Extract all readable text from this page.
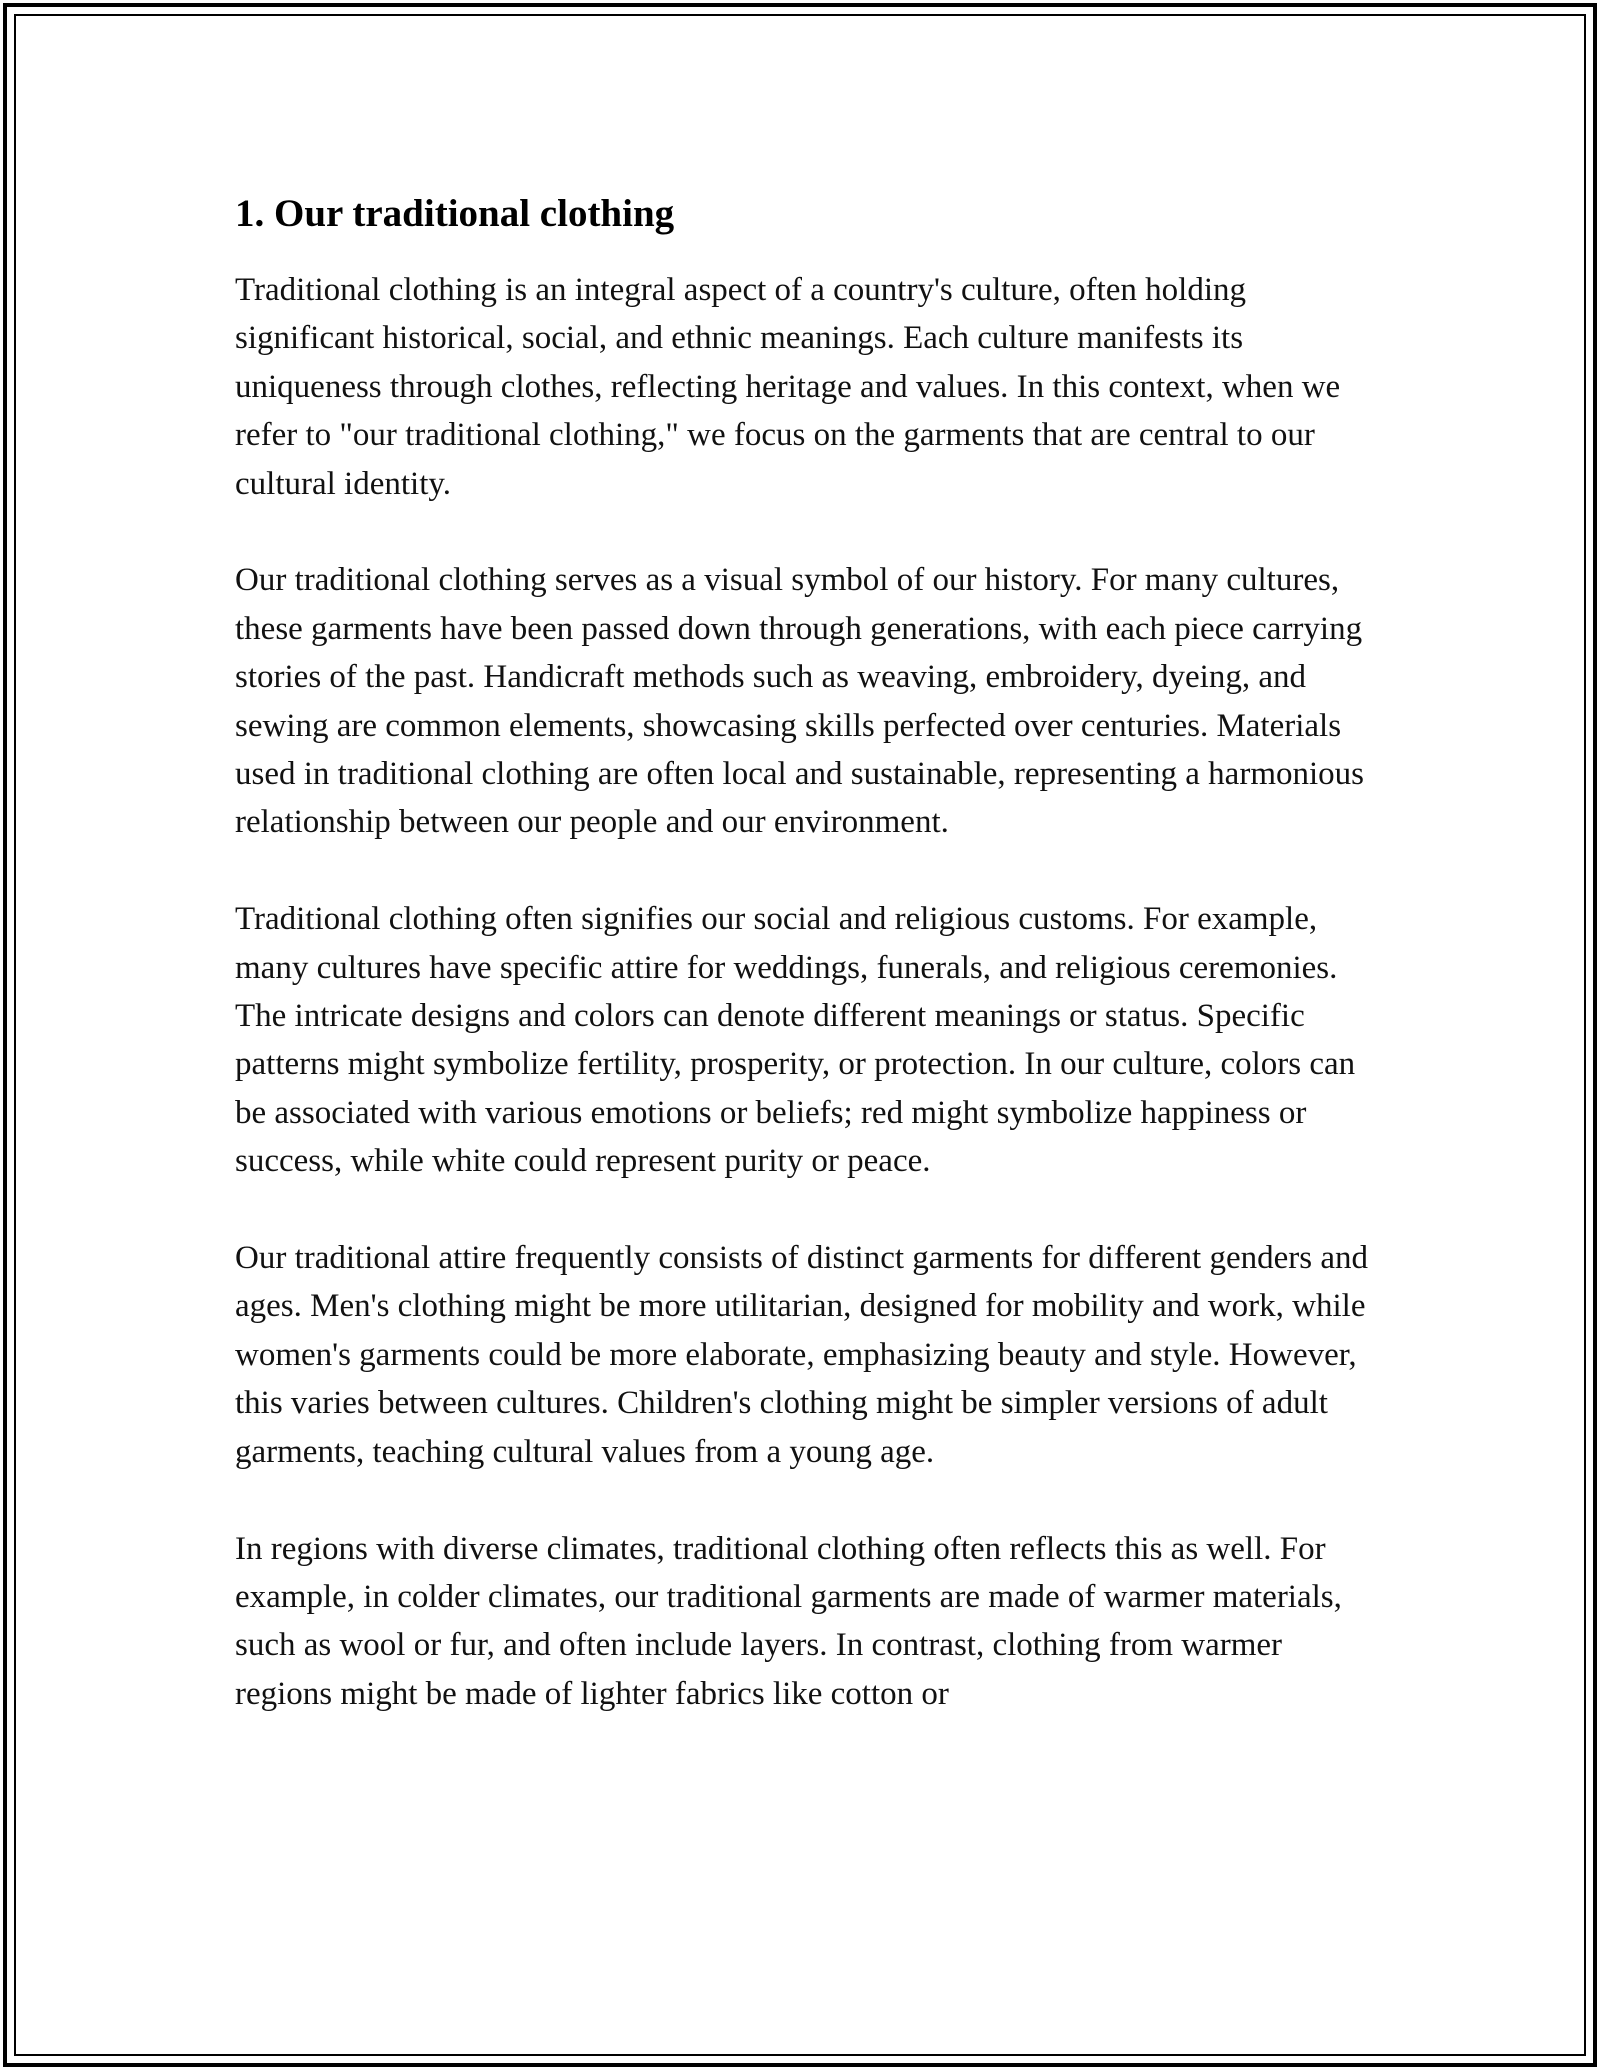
1. Our traditional clothing

Traditional clothing is an integral aspect of a country's culture, often holding significant historical, social, and ethnic meanings. Each culture manifests its uniqueness through clothes, reflecting heritage and values. In this context, when we refer to "our traditional clothing," we focus on the garments that are central to our cultural identity.

Our traditional clothing serves as a visual symbol of our history. For many cultures, these garments have been passed down through generations, with each piece carrying stories of the past. Handicraft methods such as weaving, embroidery, dyeing, and sewing are common elements, showcasing skills perfected over centuries. Materials used in traditional clothing are often local and sustainable, representing a harmonious relationship between our people and our environment.

Traditional clothing often signifies our social and religious customs. For example, many cultures have specific attire for weddings, funerals, and religious ceremonies. The intricate designs and colors can denote different meanings or status. Specific patterns might symbolize fertility, prosperity, or protection. In our culture, colors can be associated with various emotions or beliefs; red might symbolize happiness or success, while white could represent purity or peace.

Our traditional attire frequently consists of distinct garments for different genders and ages. Men's clothing might be more utilitarian, designed for mobility and work, while women's garments could be more elaborate, emphasizing beauty and style. However, this varies between cultures. Children's clothing might be simpler versions of adult garments, teaching cultural values from a young age.

In regions with diverse climates, traditional clothing often reflects this as well. For example, in colder climates, our traditional garments are made of warmer materials, such as wool or fur, and often include layers. In contrast, clothing from warmer regions might be made of lighter fabrics like cotton or
